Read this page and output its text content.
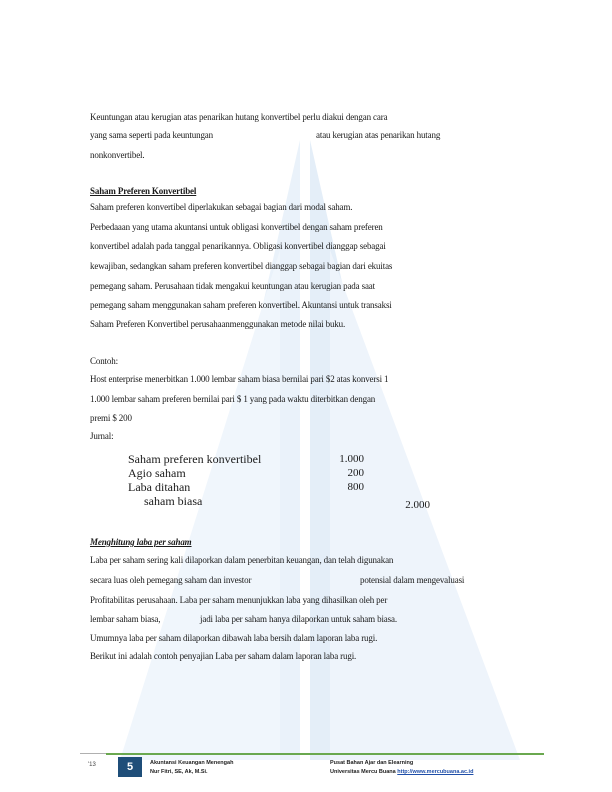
Keuntungan atau kerugian atas penarikan hutang konvertibel perlu diakui dengan cara
yang sama seperti pada keuntungan	atau kerugian atas penarikan hutang
nonkonvertibel.
Saham Preferen Konvertibel
Saham preferen konvertibel diperlakukan sebagai bagian dari modal saham.
Perbedaaan yang utama akuntansi untuk obligasi konvertibel dengan saham preferen
konvertibel adalah pada tanggal penarikannya. Obligasi konvertibel dianggap sebagai
kewajiban, sedangkan saham preferen konvertibel dianggap sebagai bagian dari ekuitas
pemegang saham. Perusahaan tidak mengakui keuntungan atau kerugian pada saat
pemegang saham menggunakan saham preferen konvertibel. Akuntansi untuk transaksi
Saham Preferen Konvertibel perusahaanmenggunakan metode nilai buku.
Contoh:
Host enterprise menerbitkan 1.000 lembar saham biasa bernilai pari $2 atas konversi 1
1.000 lembar saham preferen bernilai pari $ 1 yang pada waktu diterbitkan dengan
premi $ 200
Jurnal:
Saham preferen konvertibel	1.000
Agio saham	200
Laba ditahan	800
saham biasa	2.000
Menghitung laba per saham
Laba per saham sering kali dilaporkan dalam penerbitan keuangan, dan telah digunakan
secara luas oleh pemegang saham dan investor	potensial dalam mengevaluasi
Profitabilitas perusahaan. Laba per saham menunjukkan laba yang dihasilkan oleh per
lembar saham biasa,	jadi laba per saham hanya dilaporkan untuk saham biasa.
Umumnya laba per saham dilaporkan dibawah laba bersih dalam laporan laba rugi.
Berikut ini adalah contoh penyajian Laba per saham dalam laporan laba rugi.
'13	5	Akuntansi Keuangan Menengah
Nur Fitri, SE, Ak, M.Si.
Pusat Bahan Ajar dan Elearning
Universitas Mercu Buana http://www.mercubuana.ac.id
